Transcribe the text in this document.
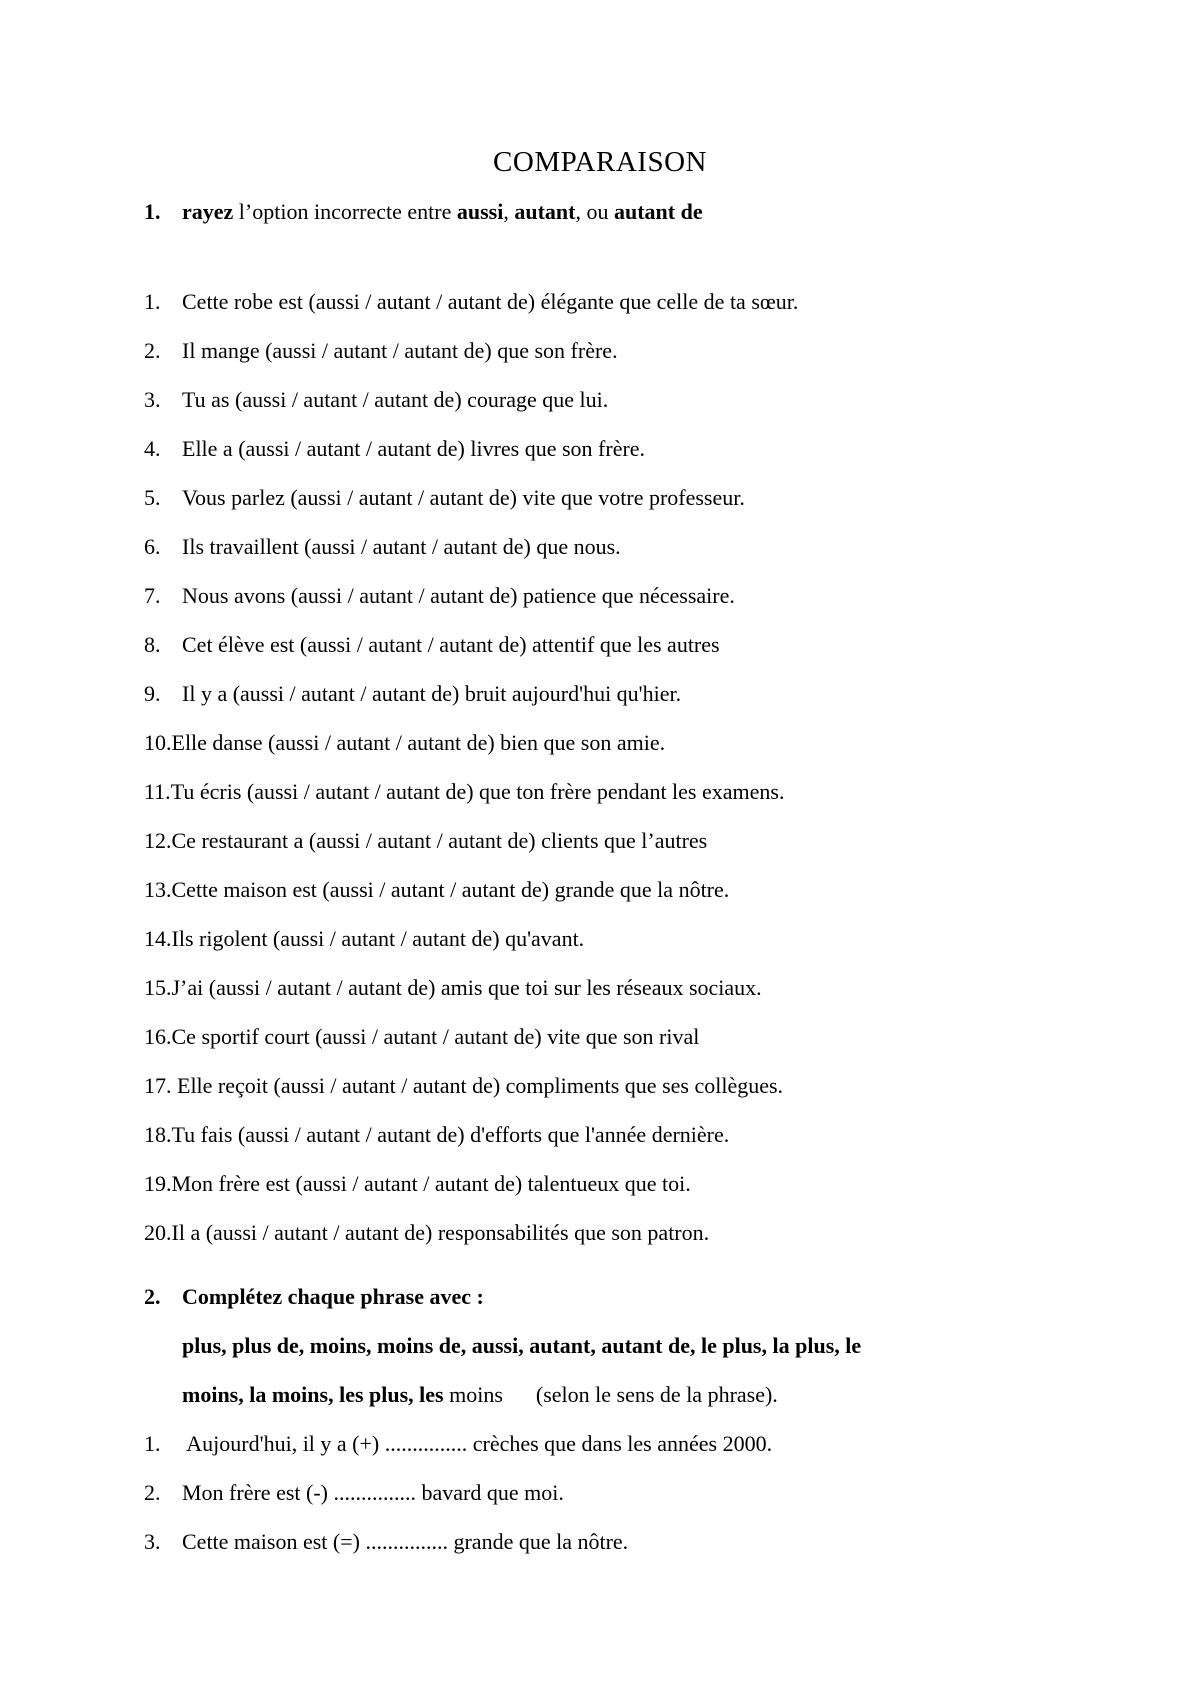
COMPARAISON
1. rayez l’option incorrecte entre aussi, autant, ou autant de
1. Cette robe est (aussi / autant / autant de) élégante que celle de ta sœur.
2. Il mange (aussi / autant / autant de) que son frère.
3. Tu as (aussi / autant / autant de) courage que lui.
4. Elle a (aussi / autant / autant de) livres que son frère.
5. Vous parlez (aussi / autant / autant de) vite que votre professeur.
6. Ils travaillent (aussi / autant / autant de) que nous.
7. Nous avons (aussi / autant / autant de) patience que nécessaire.
8. Cet élève est (aussi / autant / autant de) attentif que les autres
9. Il y a (aussi / autant / autant de) bruit aujourd'hui qu'hier.
10.Elle danse (aussi / autant / autant de) bien que son amie.
11.Tu écris (aussi / autant / autant de) que ton frère pendant les examens.
12.Ce restaurant a (aussi / autant / autant de) clients que l’autres
13.Cette maison est (aussi / autant / autant de) grande que la nôtre.
14.Ils rigolent (aussi / autant / autant de) qu'avant.
15.J’ai (aussi / autant / autant de) amis que toi sur les réseaux sociaux.
16.Ce sportif court (aussi / autant / autant de) vite que son rival
17. Elle reçoit (aussi / autant / autant de) compliments que ses collègues.
18.Tu fais (aussi / autant / autant de) d'efforts que l'année dernière.
19.Mon frère est (aussi / autant / autant de) talentueux que toi.
20.Il a (aussi / autant / autant de) responsabilités que son patron.
2. Complétez chaque phrase avec :
plus, plus de, moins, moins de, aussi, autant, autant de, le plus, la plus, le
moins, la moins, les plus, les moins      (selon le sens de la phrase).
1. Aujourd'hui, il y a (+) ............... crèches que dans les années 2000.
2. Mon frère est (-) ............... bavard que moi.
3. Cette maison est (=) ............... grande que la nôtre.
